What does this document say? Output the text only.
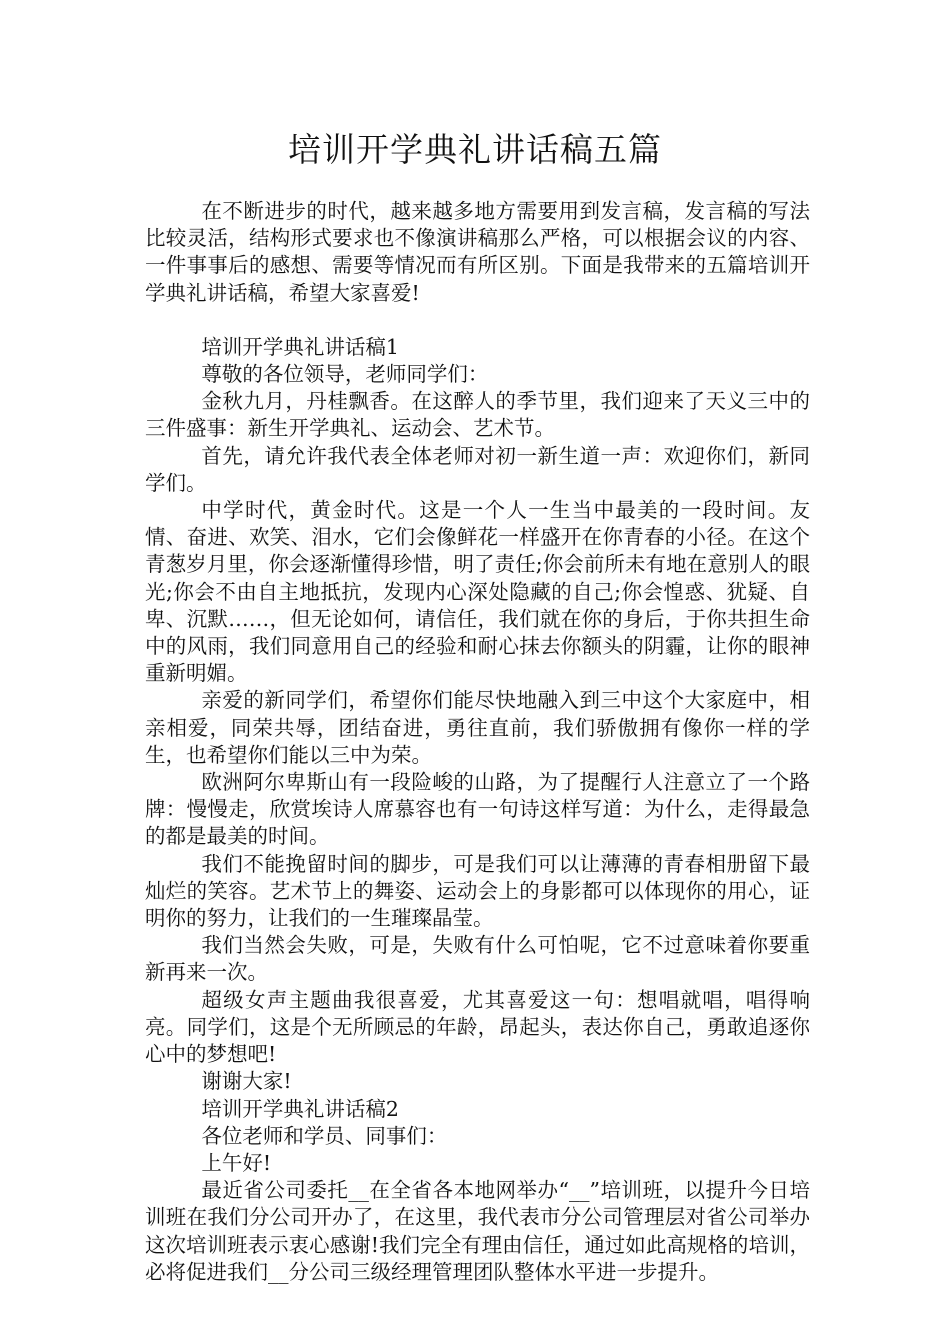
培训开学典礼讲话稿五篇

在不断进步的时代，越来越多地方需要用到发言稿，发言稿的写法比较灵活，结构形式要求也不像演讲稿那么严格，可以根据会议的内容、一件事事后的感想、需要等情况而有所区别。下面是我带来的五篇培训开学典礼讲话稿，希望大家喜爱!

培训开学典礼讲话稿1

尊敬的各位领导，老师同学们：

金秋九月，丹桂飘香。在这醉人的季节里，我们迎来了天义三中的三件盛事：新生开学典礼、运动会、艺术节。

首先，请允许我代表全体老师对初一新生道一声：欢迎你们，新同学们。

中学时代，黄金时代。这是一个人一生当中最美的一段时间。友情、奋进、欢笑、泪水，它们会像鲜花一样盛开在你青春的小径。在这个青葱岁月里，你会逐渐懂得珍惜，明了责任;你会前所未有地在意别人的眼光;你会不由自主地抵抗，发现内心深处隐藏的自己;你会惶惑、犹疑、自卑、沉默……，但无论如何，请信任，我们就在你的身后，于你共担生命中的风雨，我们同意用自己的经验和耐心抹去你额头的阴霾，让你的眼神重新明媚。

亲爱的新同学们，希望你们能尽快地融入到三中这个大家庭中，相亲相爱，同荣共辱，团结奋进，勇往直前，我们骄傲拥有像你一样的学生，也希望你们能以三中为荣。

欧洲阿尔卑斯山有一段险峻的山路，为了提醒行人注意立了一个路牌：慢慢走，欣赏埃诗人席慕容也有一句诗这样写道：为什么，走得最急的都是最美的时间。

我们不能挽留时间的脚步，可是我们可以让薄薄的青春相册留下最灿烂的笑容。艺术节上的舞姿、运动会上的身影都可以体现你的用心，证明你的努力，让我们的一生璀璨晶莹。

我们当然会失败，可是，失败有什么可怕呢，它不过意味着你要重新再来一次。

超级女声主题曲我很喜爱，尤其喜爱这一句：想唱就唱，唱得响亮。同学们，这是个无所顾忌的年龄，昂起头，表达你自己，勇敢追逐你心中的梦想吧!

谢谢大家!

培训开学典礼讲话稿2

各位老师和学员、同事们：

上午好!

最近省公司委托__在全省各本地网举办“__”培训班，以提升今日培训班在我们分公司开办了，在这里，我代表市分公司管理层对省公司举办这次培训班表示衷心感谢!我们完全有理由信任，通过如此高规格的培训，必将促进我们__分公司三级经理管理团队整体水平进一步提升。
